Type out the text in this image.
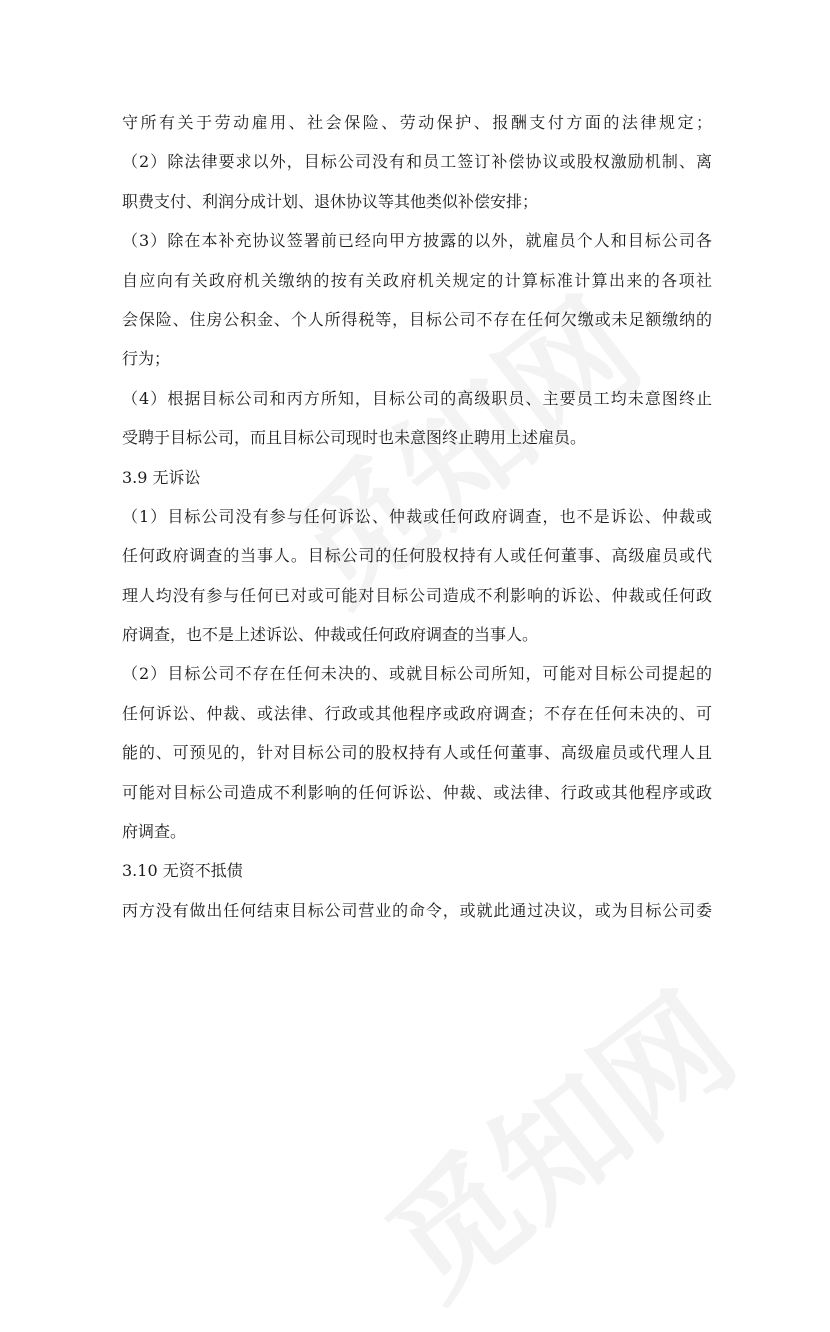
守所有关于劳动雇用、社会保险、劳动保护、报酬支付方面的法律规定；
（2）除法律要求以外，目标公司没有和员工签订补偿协议或股权激励机制、离
职费支付、利润分成计划、退休协议等其他类似补偿安排；
（3）除在本补充协议签署前已经向甲方披露的以外，就雇员个人和目标公司各
自应向有关政府机关缴纳的按有关政府机关规定的计算标准计算出来的各项社
会保险、住房公积金、个人所得税等，目标公司不存在任何欠缴或未足额缴纳的
行为；
（4）根据目标公司和丙方所知，目标公司的高级职员、主要员工均未意图终止
受聘于目标公司，而且目标公司现时也未意图终止聘用上述雇员。
3.9 无诉讼
（1）目标公司没有参与任何诉讼、仲裁或任何政府调查，也不是诉讼、仲裁或
任何政府调查的当事人。目标公司的任何股权持有人或任何董事、高级雇员或代
理人均没有参与任何已对或可能对目标公司造成不利影响的诉讼、仲裁或任何政
府调查，也不是上述诉讼、仲裁或任何政府调查的当事人。
（2）目标公司不存在任何未决的、或就目标公司所知，可能对目标公司提起的
任何诉讼、仲裁、或法律、行政或其他程序或政府调查；不存在任何未决的、可
能的、可预见的，针对目标公司的股权持有人或任何董事、高级雇员或代理人且
可能对目标公司造成不利影响的任何诉讼、仲裁、或法律、行政或其他程序或政
府调查。
3.10 无资不抵债
丙方没有做出任何结束目标公司营业的命令，或就此通过决议，或为目标公司委
